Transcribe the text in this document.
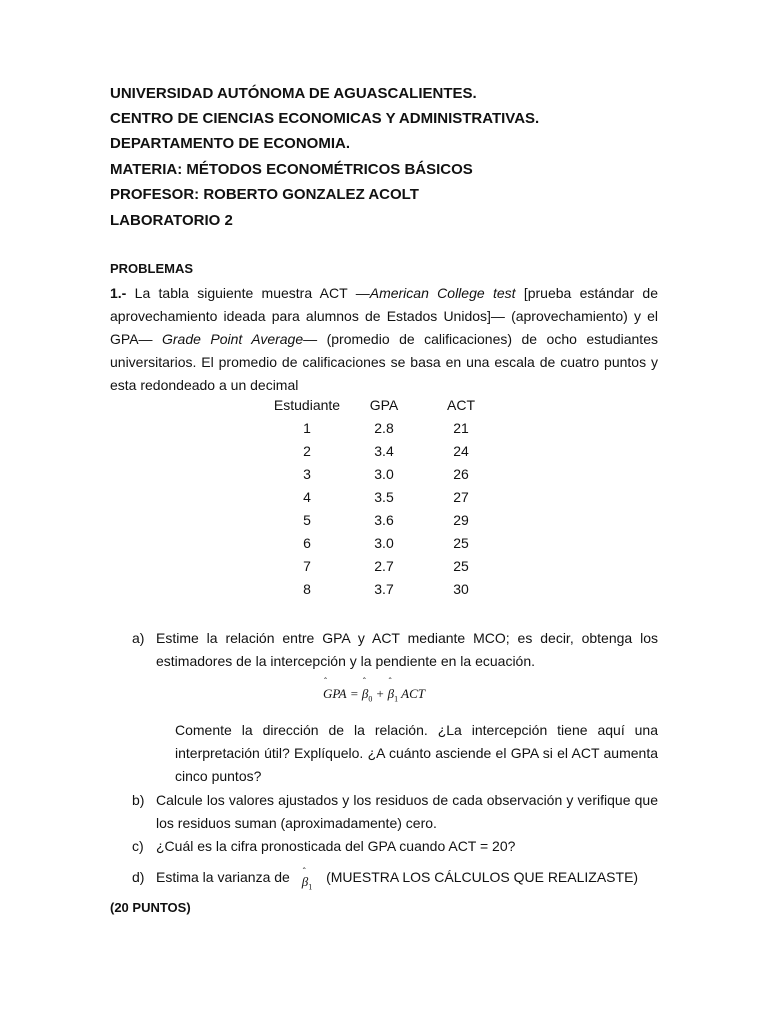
UNIVERSIDAD AUTÓNOMA DE AGUASCALIENTES.
CENTRO DE CIENCIAS ECONOMICAS Y ADMINISTRATIVAS.
DEPARTAMENTO DE ECONOMIA.
MATERIA: MÉTODOS ECONOMÉTRICOS BÁSICOS
PROFESOR: ROBERTO GONZALEZ ACOLT
LABORATORIO 2
PROBLEMAS
1.- La tabla siguiente muestra ACT —American College test [prueba estándar de aprovechamiento ideada para alumnos de Estados Unidos]— (aprovechamiento) y el GPA— Grade Point Average— (promedio de calificaciones) de ocho estudiantes universitarios. El promedio de calificaciones se basa en una escala de cuatro puntos y esta redondeado a un decimal
Estudiante	GPA	ACT
1	2.8	21
2	3.4	24
3	3.0	26
4	3.5	27
5	3.6	29
6	3.0	25
7	2.7	25
8	3.7	30
a) Estime la relación entre GPA y ACT mediante MCO; es decir, obtenga los estimadores de la intercepción y la pendiente en la ecuación.
ˆ GPA = ˆ $\beta_0$ + ˆ $\beta_1$ ACT
Comente la dirección de la relación. ¿La intercepción tiene aquí una interpretación útil? Explíquelo. ¿A cuánto asciende el GPA si el ACT aumenta cinco puntos?
b) Calcule los valores ajustados y los residuos de cada observación y verifique que los residuos suman (aproximadamente) cero.
c) ¿Cuál es la cifra pronosticada del GPA cuando ACT = 20?
d) Estima la varianza de ˆ $\beta_1$ (MUESTRA LOS CÁLCULOS QUE REALIZASTE)
(20 PUNTOS)
